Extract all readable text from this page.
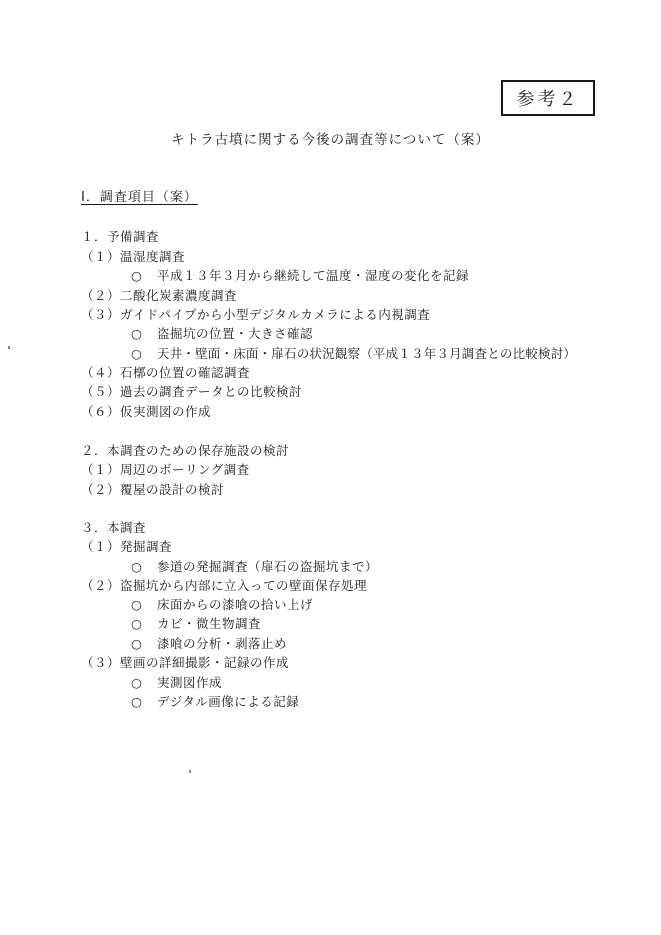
参考２
キトラ古墳に関する今後の調査等について（案）
Ⅰ．調査項目（案）
１．予備調査
（１）温湿度調査
○ 平成１３年３月から継続して温度・湿度の変化を記録
（２）二酸化炭素濃度調査
（３）ガイドパイプから小型デジタルカメラによる内視調査
○ 盗掘坑の位置・大きさ確認
○ 天井・壁面・床面・扉石の状況観察（平成１３年３月調査との比較検討）
（４）石槨の位置の確認調査
（５）過去の調査データとの比較検討
（６）仮実測図の作成
２．本調査のための保存施設の検討
（１）周辺のボーリング調査
（２）覆屋の設計の検討
３．本調査
（１）発掘調査
○ 参道の発掘調査（扉石の盗掘坑まで）
（２）盗掘坑から内部に立入っての壁面保存処理
○ 床面からの漆喰の拾い上げ
○ カビ・微生物調査
○ 漆喰の分析・剥落止め
（３）壁画の詳細撮影・記録の作成
○ 実測図作成
○ デジタル画像による記録
